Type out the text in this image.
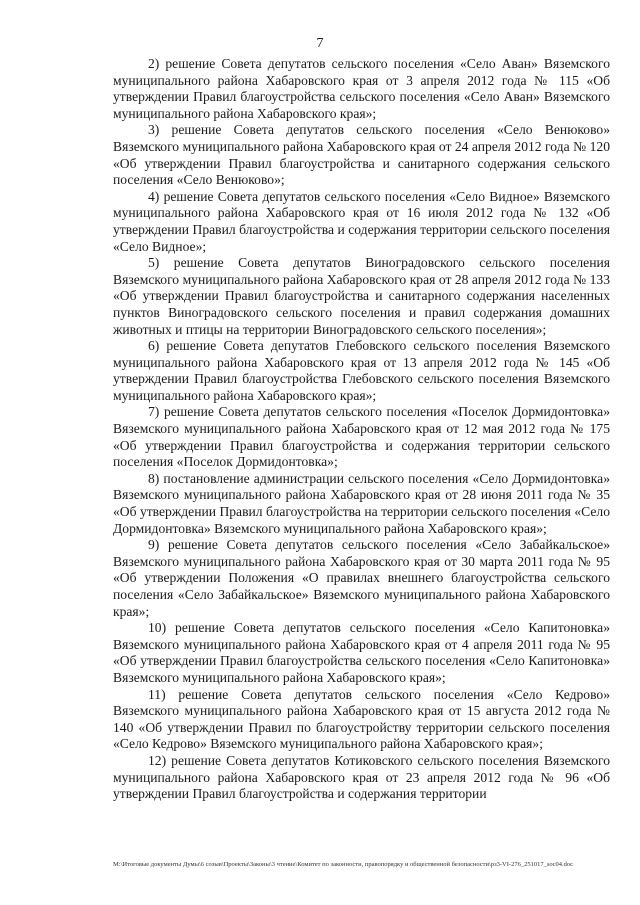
7

2) решение Совета депутатов сельского поселения «Село Аван» Вяземского муниципального района Хабаровского края от 3 апреля 2012 года № 115 «Об утверждении Правил благоустройства сельского поселения «Село Аван» Вяземского муниципального района Хабаровского края»;

3) решение Совета депутатов сельского поселения «Село Венюково» Вяземского муниципального района Хабаровского края от 24 апреля 2012 года № 120 «Об утверждении Правил благоустройства и санитарного содержания сельского поселения «Село Венюково»;

4) решение Совета депутатов сельского поселения «Село Видное» Вяземского муниципального района Хабаровского края от 16 июля 2012 года № 132 «Об утверждении Правил благоустройства и содержания территории сельского поселения «Село Видное»;

5) решение Совета депутатов Виноградовского сельского поселения Вяземского муниципального района Хабаровского края от 28 апреля 2012 года № 133 «Об утверждении Правил благоустройства и санитарного содержания населенных пунктов Виноградовского сельского поселения и правил содержания домашних животных и птицы на территории Виноградовского сельского поселения»;

6) решение Совета депутатов Глебовского сельского поселения Вяземского муниципального района Хабаровского края от 13 апреля 2012 года № 145 «Об утверждении Правил благоустройства Глебовского сельского поселения Вяземского муниципального района Хабаровского края»;

7) решение Совета депутатов сельского поселения «Поселок Дормидонтовка» Вяземского муниципального района Хабаровского края от 12 мая 2012 года № 175 «Об утверждении Правил благоустройства и содержания территории сельского поселения «Поселок Дормидонтовка»;

8) постановление администрации сельского поселения «Село Дормидонтовка» Вяземского муниципального района Хабаровского края от 28 июня 2011 года № 35 «Об утверждении Правил благоустройства на территории сельского поселения «Село Дормидонтовка» Вяземского муниципального района Хабаровского края»;

9) решение Совета депутатов сельского поселения «Село Забайкальское» Вяземского муниципального района Хабаровского края от 30 марта 2011 года № 95 «Об утверждении Положения «О правилах внешнего благоустройства сельского поселения «Село Забайкальское» Вяземского муниципального района Хабаровского края»;

10) решение Совета депутатов сельского поселения «Село Капитоновка» Вяземского муниципального района Хабаровского края от 4 апреля 2011 года № 95 «Об утверждении Правил благоустройства сельского поселения «Село Капитоновка» Вяземского муниципального района Хабаровского края»;

11) решение Совета депутатов сельского поселения «Село Кедрово» Вяземского муниципального района Хабаровского края от 15 августа 2012 года № 140 «Об утверждении Правил по благоустройству территории сельского поселения «Село Кедрово» Вяземского муниципального района Хабаровского края»;

12) решение Совета депутатов Котиковского сельского поселения Вяземского муниципального района Хабаровского края от 23 апреля 2012 года № 96 «Об утверждении Правил благоустройства и содержания территории

М:\Итоговые документы Думы\6 созыв\Проекты\Законы\3 чтение\Комитет по законности, правопорядку и общественной безопасности\рз3-VI-276_251017_soc04.doc
